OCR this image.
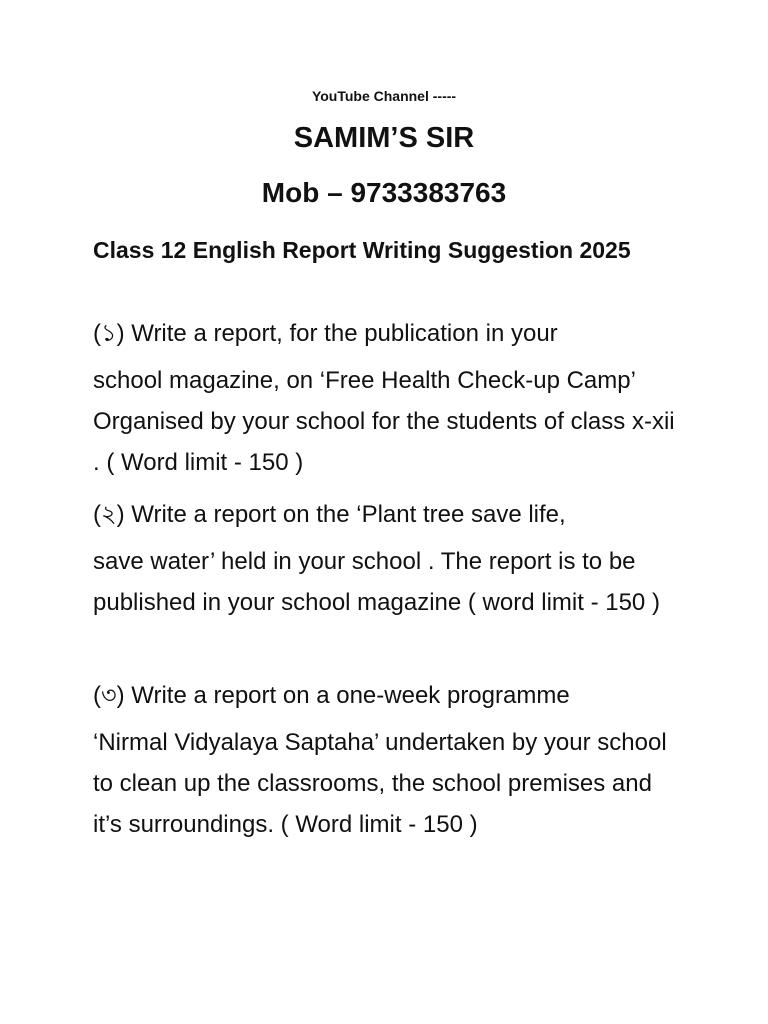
YouTube Channel -----
SAMIM’S SIR
Mob – 9733383763
Class 12 English Report Writing Suggestion 2025
(১) Write a report, for the publication in your
school magazine, on ‘Free Health Check-up Camp’ Organised by your school for the students of class x-xii . ( Word limit - 150 )
(২) Write a report on the ‘Plant tree save life,
save water’ held in your school . The report is to be published in your school magazine ( word limit - 150 )
(৩) Write a report on a one-week programme
‘Nirmal Vidyalaya Saptaha’ undertaken by your school to clean up the classrooms, the school premises and it’s surroundings. ( Word limit - 150 )
